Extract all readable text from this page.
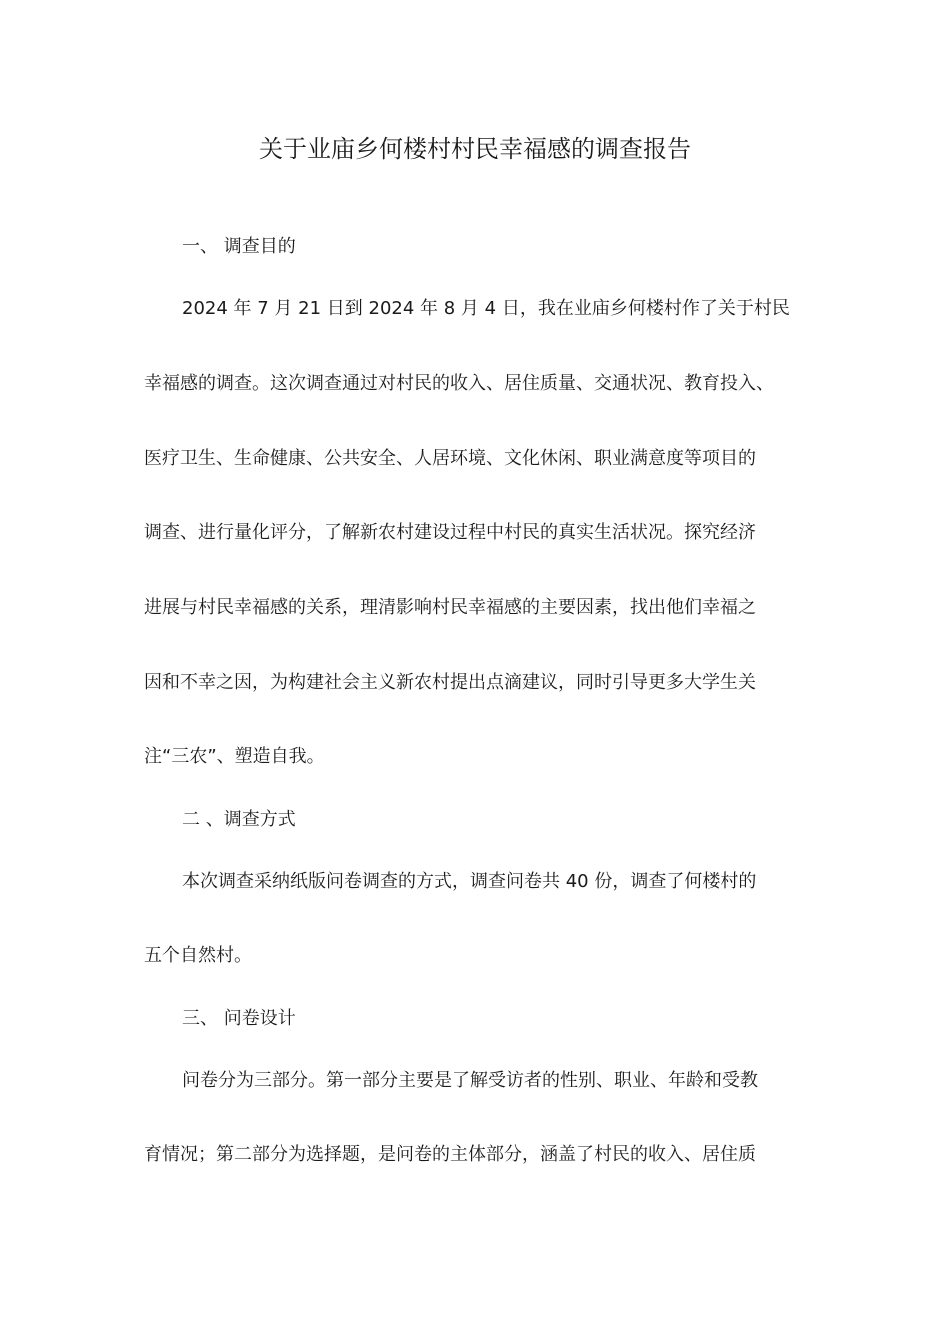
关于业庙乡何楼村村民幸福感的调查报告
一、 调查目的
2024 年 7 月 21 日到 2024 年 8 月 4 日，我在业庙乡何楼村作了关于村民
幸福感的调查。这次调查通过对村民的收入、居住质量、交通状况、教育投入、
医疗卫生、生命健康、公共安全、人居环境、文化休闲、职业满意度等项目的
调查、进行量化评分，了解新农村建设过程中村民的真实生活状况。探究经济
进展与村民幸福感的关系，理清影响村民幸福感的主要因素，找出他们幸福之
因和不幸之因，为构建社会主义新农村提出点滴建议，同时引导更多大学生关
注“三农”、塑造自我。
二 、调查方式
本次调查采纳纸版问卷调查的方式，调查问卷共 40 份，调查了何楼村的
五个自然村。
三、 问卷设计
问卷分为三部分。第一部分主要是了解受访者的性别、职业、年龄和受教
育情况；第二部分为选择题，是问卷的主体部分，涵盖了村民的收入、居住质
